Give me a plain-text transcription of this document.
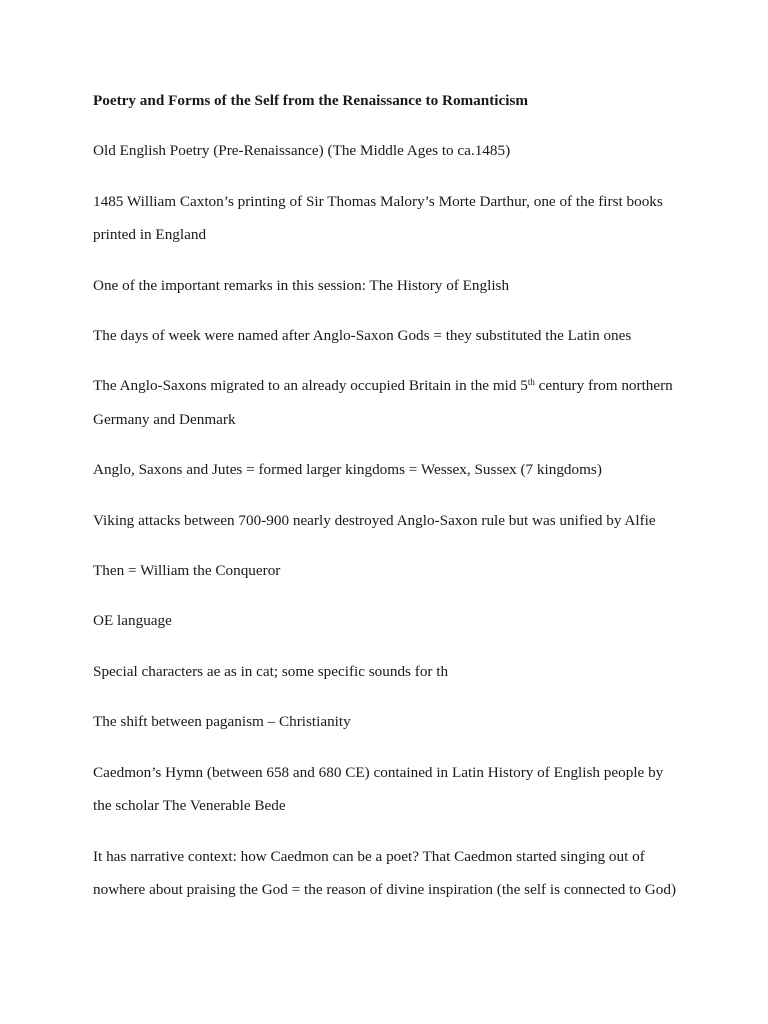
Poetry and Forms of the Self from the Renaissance to Romanticism

Old English Poetry (Pre-Renaissance) (The Middle Ages to ca.1485)

1485 William Caxton’s printing of Sir Thomas Malory’s Morte Darthur, one of the first books printed in England

One of the important remarks in this session: The History of English

The days of week were named after Anglo-Saxon Gods = they substituted the Latin ones

The Anglo-Saxons migrated to an already occupied Britain in the mid 5th century from northern Germany and Denmark

Anglo, Saxons and Jutes = formed larger kingdoms = Wessex, Sussex (7 kingdoms)

Viking attacks between 700-900 nearly destroyed Anglo-Saxon rule but was unified by Alfie

Then = William the Conqueror

OE language

Special characters ae as in cat; some specific sounds for th

The shift between paganism – Christianity

Caedmon’s Hymn (between 658 and 680 CE) contained in Latin History of English people by the scholar The Venerable Bede

It has narrative context: how Caedmon can be a poet? That Caedmon started singing out of nowhere about praising the God = the reason of divine inspiration (the self is connected to God)
